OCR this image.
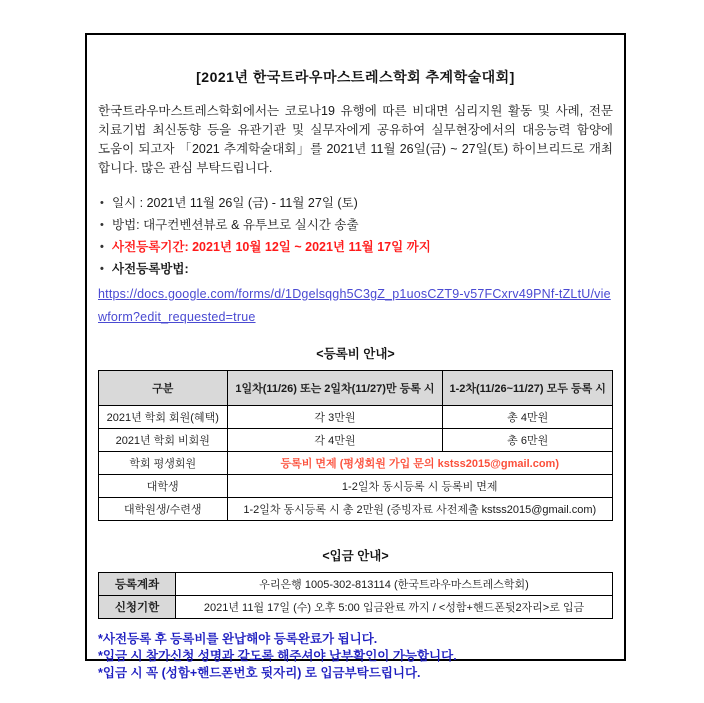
[2021년 한국트라우마스트레스학회 추계학술대회]

한국트라우마스트레스학회에서는 코로나19 유행에 따른 비대면 심리지원 활동 및 사례, 전문 치료기법 최신동향 등을 유관기관 및 실무자에게 공유하여 실무현장에서의 대응능력 함양에 도움이 되고자 「2021 추계학술대회」를 2021년 11월 26일(금) ~ 27일(토) 하이브리드로 개최 합니다. 많은 관심 부탁드립니다.

• 일시 : 2021년 11월 26일 (금) - 11월 27일 (토)
• 방법: 대구컨벤션뷰로 & 유투브로 실시간 송출
• 사전등록기간: 2021년 10월 12일 ~ 2021년 11월 17일 까지
• 사전등록방법:
https://docs.google.com/forms/d/1Dgelsqgh5C3gZ_p1uosCZT9-v57FCxrv49PNf-tZLtU/viewform?edit_requested=true
<등록비 안내>
구분	1일차(11/26) 또는 2일차(11/27)만 등록 시	1-2차(11/26~11/27) 모두 등록 시
2021년 학회 회원(혜택)	각 3만원	총 4만원
2021년 학회 비회원	각 4만원	총 6만원
학회 평생회원	등록비 면제 (평생회원 가입 문의 kstss2015@gmail.com)	
대학생	1-2일차 동시등록 시 등록비 면제	
대학원생/수련생	1-2일차 동시등록 시 총 2만원 (증빙자료 사전제출 kstss2015@gmail.com)	
<입금 안내>
등록계좌	우리은행 1005-302-813114 (한국트라우마스트레스학회)
신청기한	2021년 11월 17일 (수) 오후 5:00 입금완료 까지 / <성함+핸드폰뒷2자리>로 입금
*사전등록 후 등록비를 완납해야 등록완료가 됩니다.
*입금 시 참가신청 성명과 같도록 해주셔야 납부확인이 가능합니다.
*입금 시 꼭 (성함+핸드폰번호 뒷자리) 로 입금부탁드립니다.
